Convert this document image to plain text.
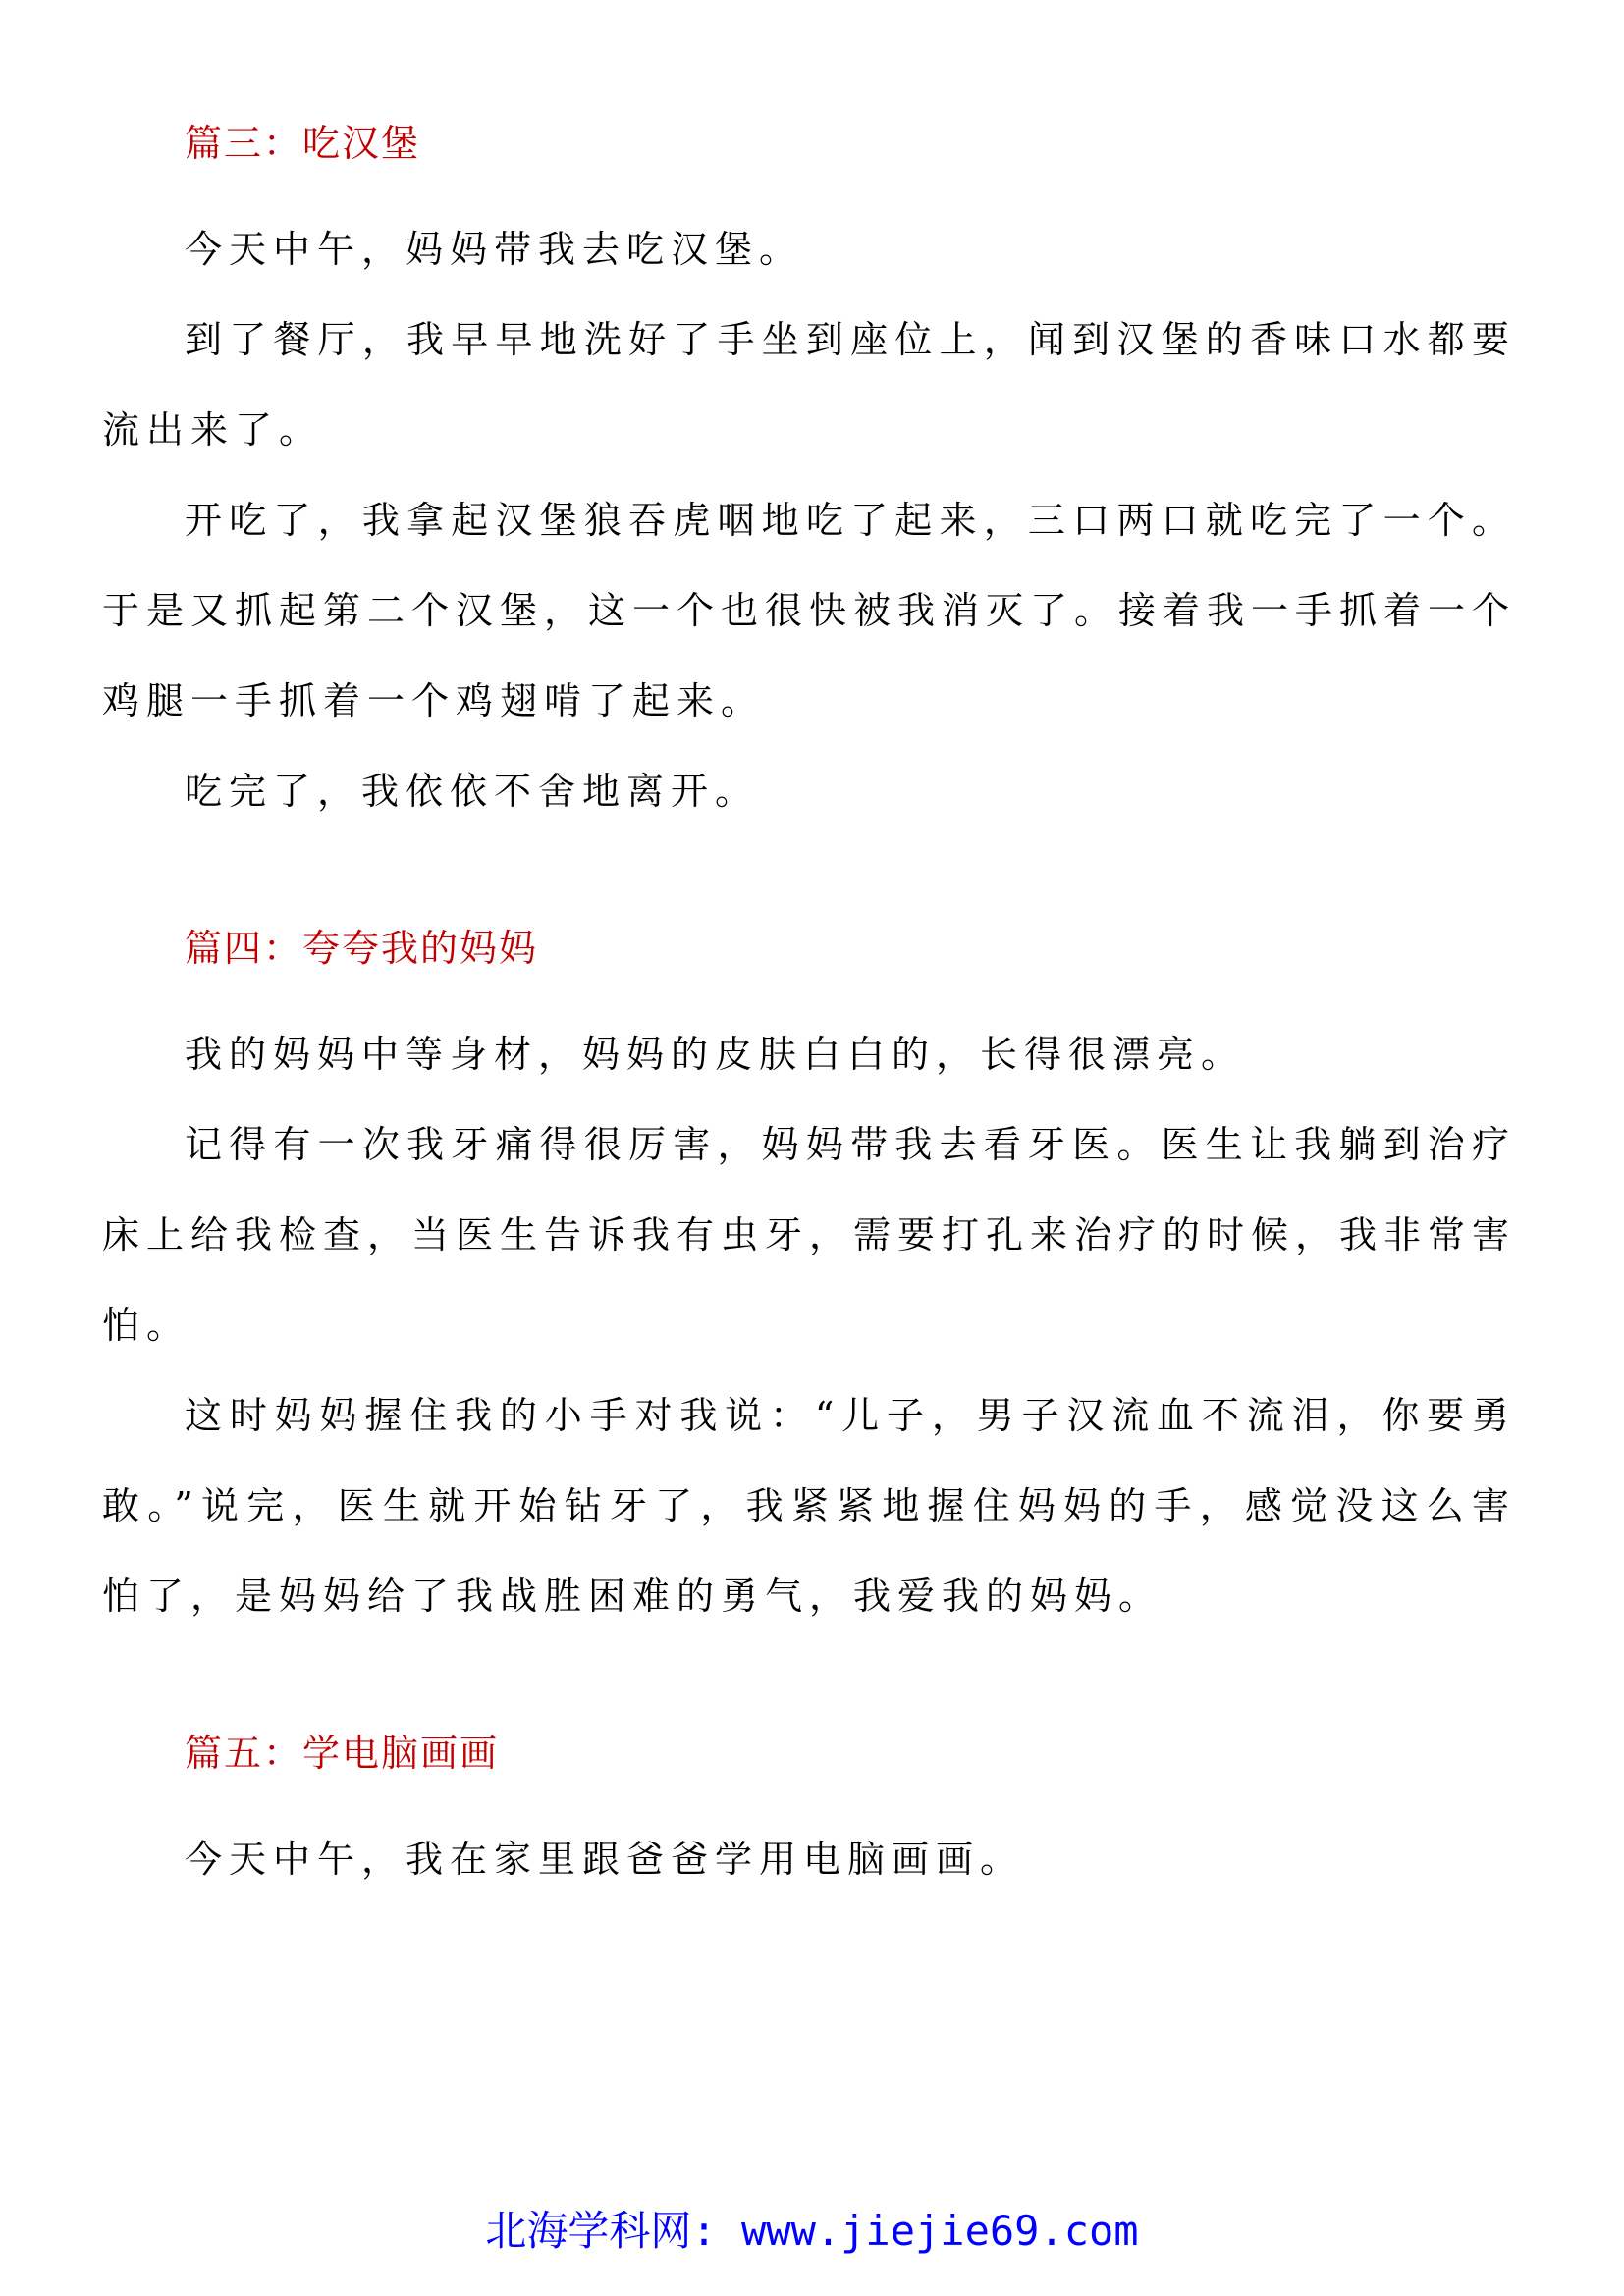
篇三：吃汉堡

今天中午，妈妈带我去吃汉堡。

到了餐厅，我早早地洗好了手坐到座位上，闻到汉堡的香味口水都要流出来了。

开吃了，我拿起汉堡狼吞虎咽地吃了起来，三口两口就吃完了一个。于是又抓起第二个汉堡，这一个也很快被我消灭了。接着我一手抓着一个鸡腿一手抓着一个鸡翅啃了起来。

吃完了，我依依不舍地离开。

篇四：夸夸我的妈妈

我的妈妈中等身材，妈妈的皮肤白白的，长得很漂亮。

记得有一次我牙痛得很厉害，妈妈带我去看牙医。医生让我躺到治疗床上给我检查，当医生告诉我有虫牙，需要打孔来治疗的时候，我非常害怕。

这时妈妈握住我的小手对我说：“儿子，男子汉流血不流泪，你要勇敢。”说完，医生就开始钻牙了，我紧紧地握住妈妈的手，感觉没这么害怕了，是妈妈给了我战胜困难的勇气，我爱我的妈妈。

篇五：学电脑画画

今天中午，我在家里跟爸爸学用电脑画画。

北海学科网: www.jiejie69.com
